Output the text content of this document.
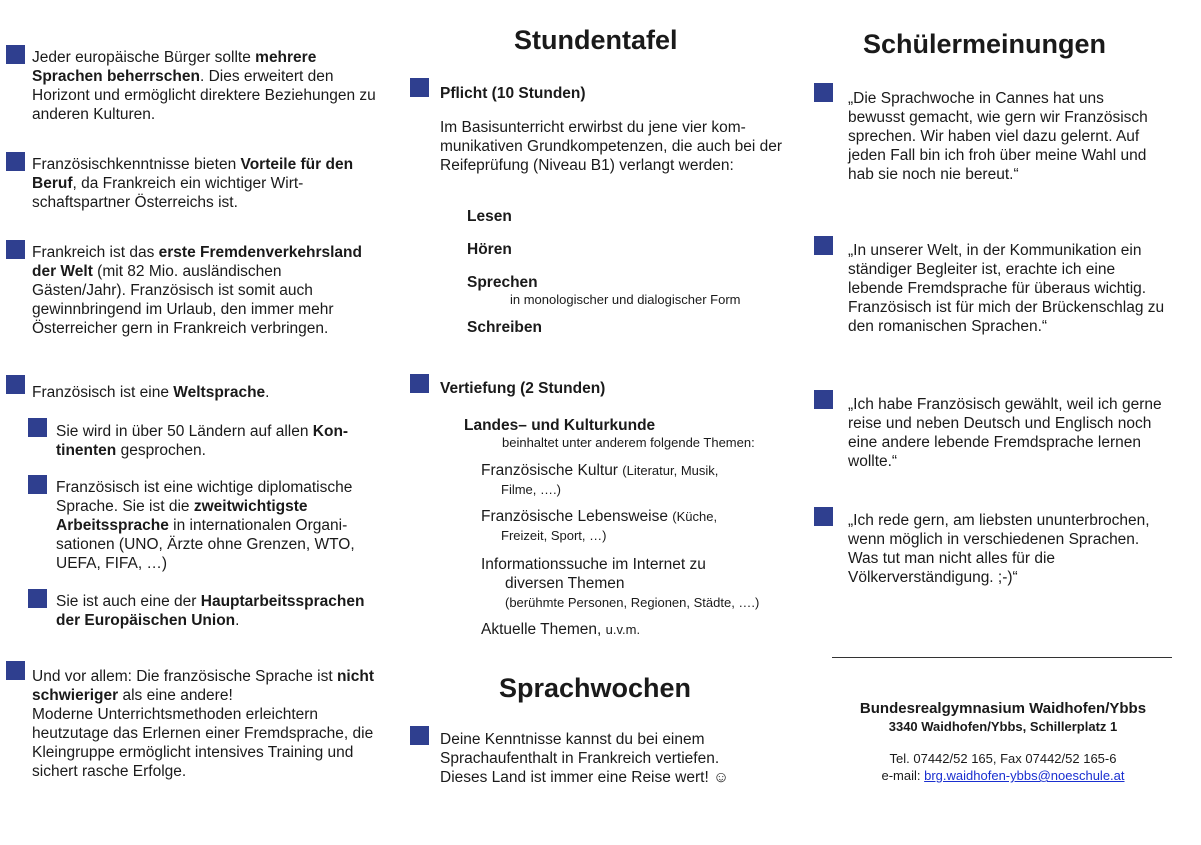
Jeder europäische Bürger sollte mehrere Sprachen beherrschen. Dies erweitert den Horizont und ermöglicht direktere Beziehungen zu anderen Kulturen.

Französischkenntnisse bieten Vorteile für den Beruf, da Frankreich ein wichtiger Wirtschaftspartner Österreichs ist.

Frankreich ist das erste Fremdenverkehrsland der Welt (mit 82 Mio. ausländischen Gästen/Jahr). Französisch ist somit auch gewinnbringend im Urlaub, den immer mehr Österreicher gern in Frankreich verbringen.

Französisch ist eine Weltsprache.

Sie wird in über 50 Ländern auf allen Kontinenten gesprochen.

Französisch ist eine wichtige diplomatische Sprache. Sie ist die zweitwichtigste Arbeitssprache in internationalen Organisationen (UNO, Ärzte ohne Grenzen, WTO, UEFA, FIFA, …)

Sie ist auch eine der Hauptarbeitssprachen der Europäischen Union.

Und vor allem: Die französische Sprache ist nicht schwieriger als eine andere!
Moderne Unterrichtsmethoden erleichtern heutzutage das Erlernen einer Fremdsprache, die Kleingruppe ermöglicht intensives Training und sichert rasche Erfolge.

Stundentafel

Pflicht (10 Stunden)

Im Basisunterricht erwirbst du jene vier kommunikativen Grundkompetenzen, die auch bei der Reifeprüfung (Niveau B1) verlangt werden:

Lesen

Hören

Sprechen

in monologischer und dialogischer Form

Schreiben

Vertiefung (2 Stunden)

Landes– und Kulturkunde

beinhaltet unter anderem folgende Themen:

Französische Kultur (Literatur, Musik,
Filme, ….)

Französische Lebensweise (Küche,
Freizeit, Sport, …)

Informationssuche im Internet zu
diversen Themen
(berühmte Personen, Regionen, Städte, ….)

Aktuelle Themen, u.v.m.

Sprachwochen

Deine Kenntnisse kannst du bei einem Sprachaufenthalt in Frankreich vertiefen. Dieses Land ist immer eine Reise wert! ☺

Schülermeinungen

„Die Sprachwoche in Cannes hat uns bewusst gemacht, wie gern wir Französisch sprechen. Wir haben viel dazu gelernt. Auf jeden Fall bin ich froh über meine Wahl und hab sie noch nie bereut.“

„In unserer Welt, in der Kommunikation ein ständiger Begleiter ist, erachte ich eine lebende Fremdsprache für überaus wichtig. Französisch ist für mich der Brückenschlag zu den romanischen Sprachen.“

„Ich habe Französisch gewählt, weil ich gerne reise und neben Deutsch und Englisch noch eine andere lebende Fremdsprache lernen wollte.“

„Ich rede gern, am liebsten ununterbrochen, wenn möglich in verschiedenen Sprachen. Was tut man nicht alles für die Völkerverständigung. ;-)“

Bundesrealgymnasium Waidhofen/Ybbs
3340 Waidhofen/Ybbs, Schillerplatz 1
Tel. 07442/52 165, Fax 07442/52 165-6
e-mail: brg.waidhofen-ybbs@noeschule.at
